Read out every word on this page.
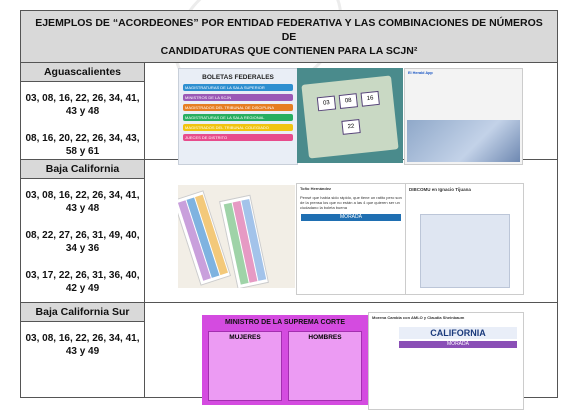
EJEMPLOS DE “ACORDEONES” POR ENTIDAD FEDERATIVA Y LAS COMBINACIONES DE NÚMEROS DE
CANDIDATURAS QUE CONTIENEN PARA LA SCJN²	

Aguascalientes
03, 08, 16, 22, 26, 34, 41, 43 y 48
08, 16, 20, 22, 26, 34, 43, 58 y 61	

Baja California
03, 08, 16, 22, 26, 34, 41, 43 y 48
08, 22, 27, 26, 31, 49, 40, 34 y 36
03, 17, 22, 26, 31, 36, 40, 42 y 49	

Baja California Sur
03, 08, 16, 22, 26, 34, 41, 43 y 49	

BOLETAS FEDERALES
MAGISTRATURAS DE LA SALA SUPERIOR
MINISTROS DE LA SCJN
MAGISTRADOS DEL TRIBUNAL DE DISCIPLINA
MAGISTRATURAS DE LA SALA REGIONAL
MAGISTRADOS DEL TRIBUNAL COLEGIADO
JUECES DE DISTRITO
03	08	16
22
El Herald App
Toño Hernández
Pensé que había sido rápido, que tiene un ratito pero son de la prensa los que no están a las 4 que quieren ser un ciudadano la boleta buena
MORADA
DIBCOMU en Ignacio Tijuana
MINISTRO DE LA SUPREMA CORTE
MUJERES	HOMBRES
Morena Cambia con AMLO y Claudia Sheinbaum
CALIFORNIA
MORADA
